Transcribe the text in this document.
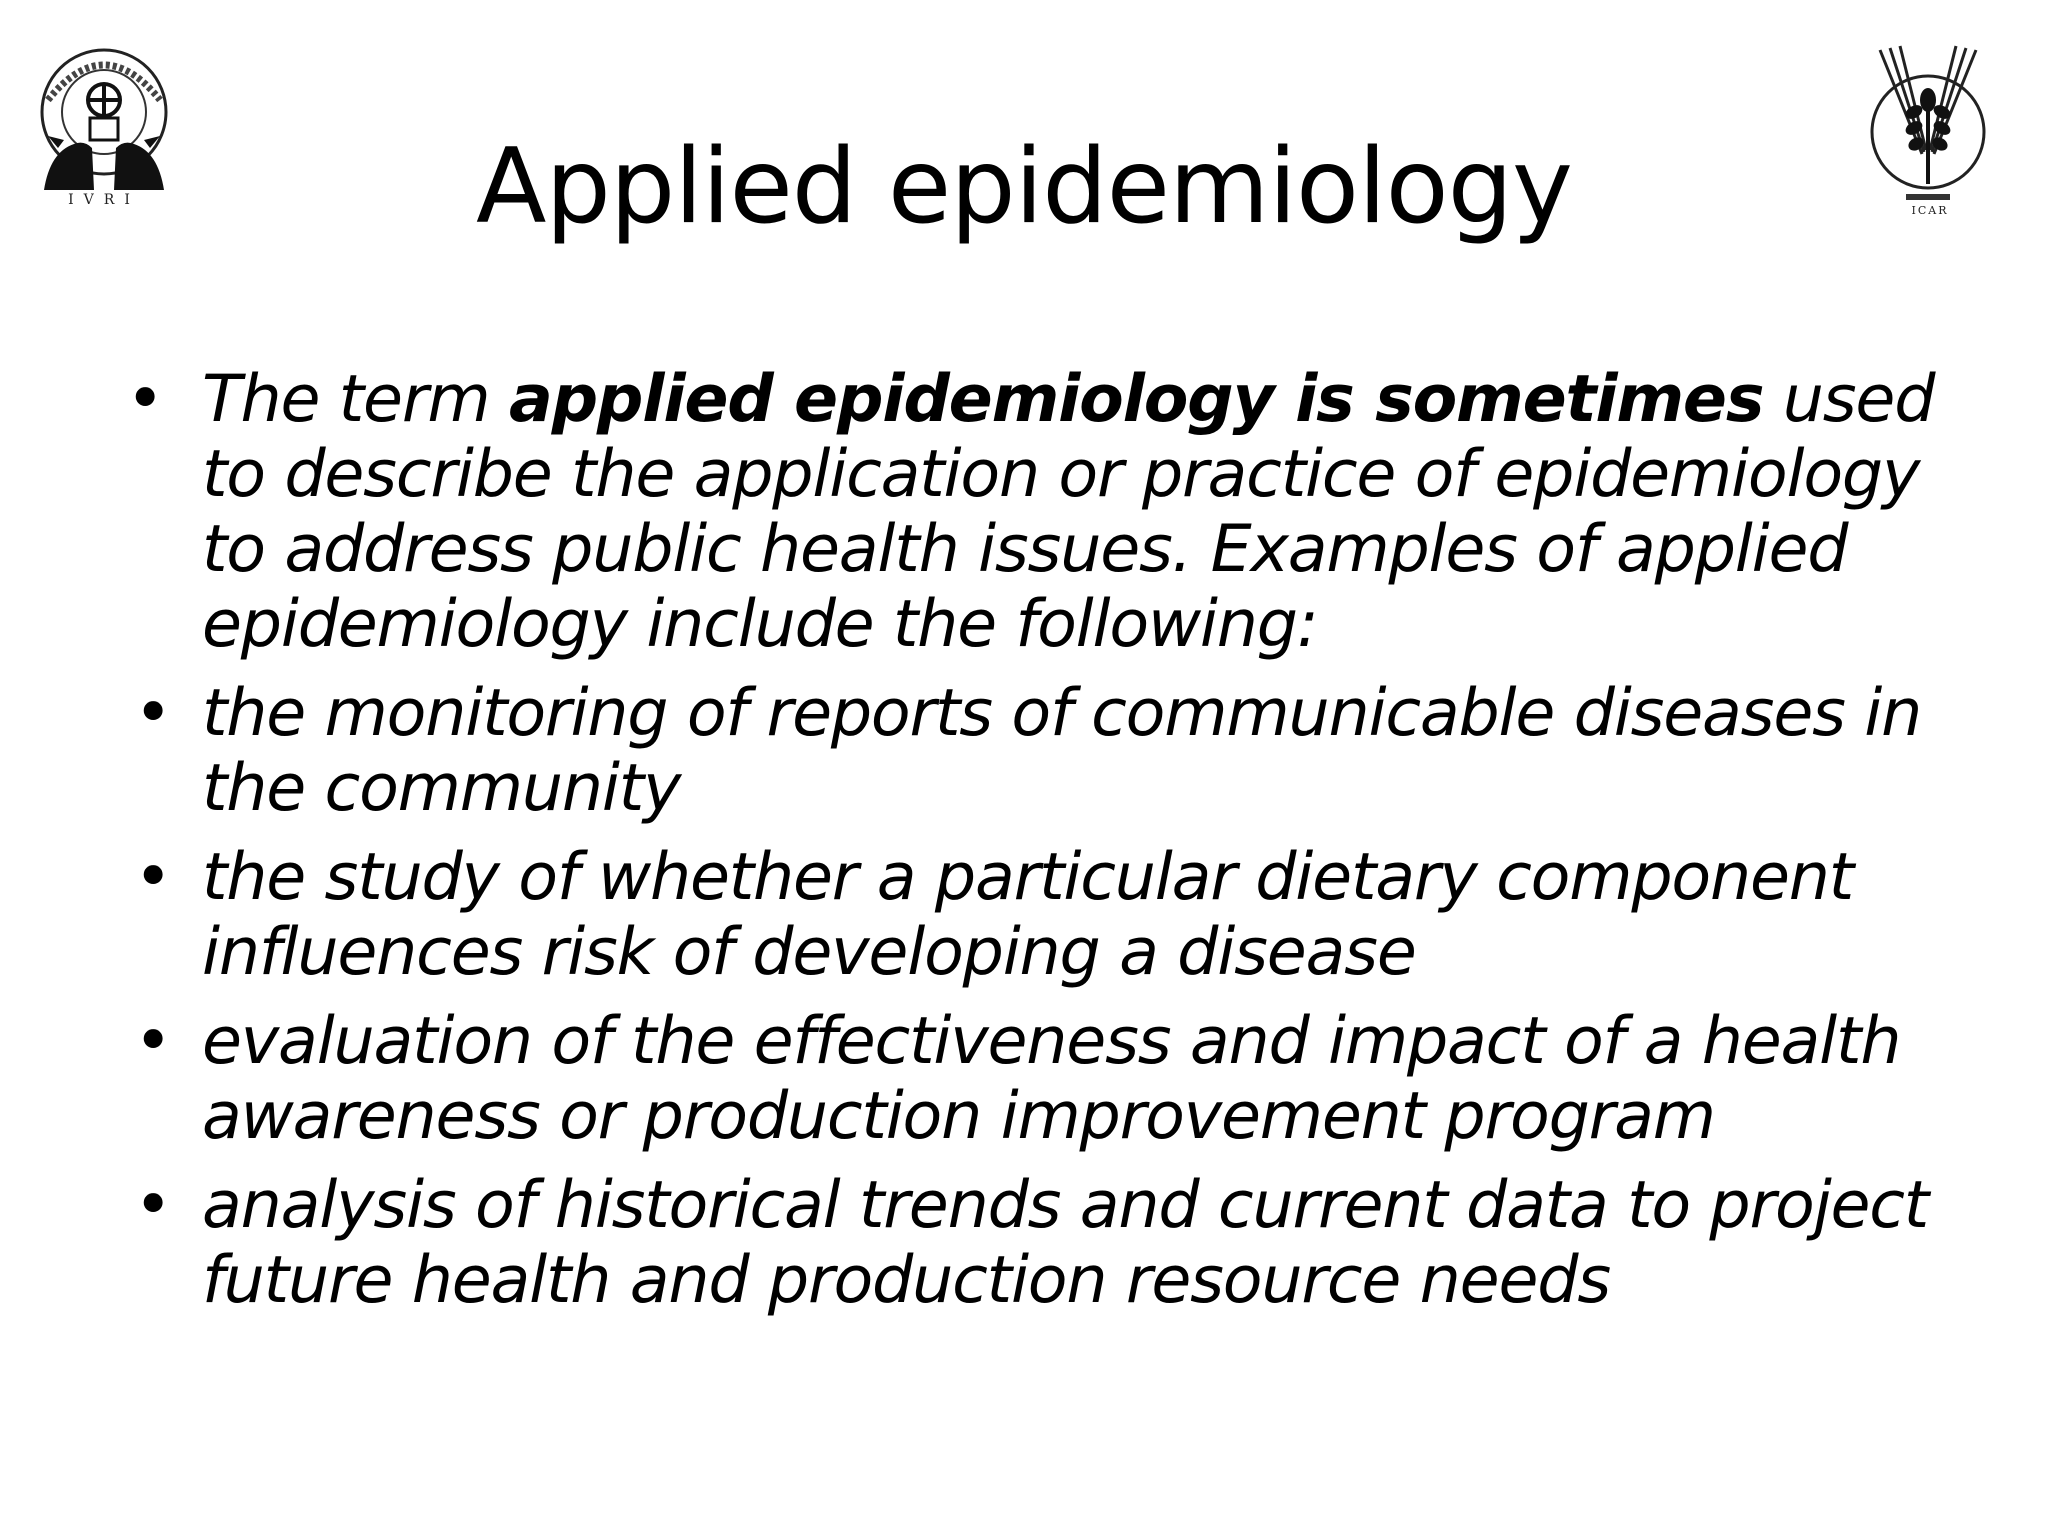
IVRI
ICAR
Applied epidemiology
• The term applied epidemiology is sometimes used to describe the application or practice of epidemiology to address public health issues. Examples of applied epidemiology include the following:
• the monitoring of reports of communicable diseases in the community
• the study of whether a particular dietary component influences risk of developing a disease
• evaluation of the effectiveness and impact of a health awareness or production improvement program
• analysis of historical trends and current data to project future health and production resource needs
